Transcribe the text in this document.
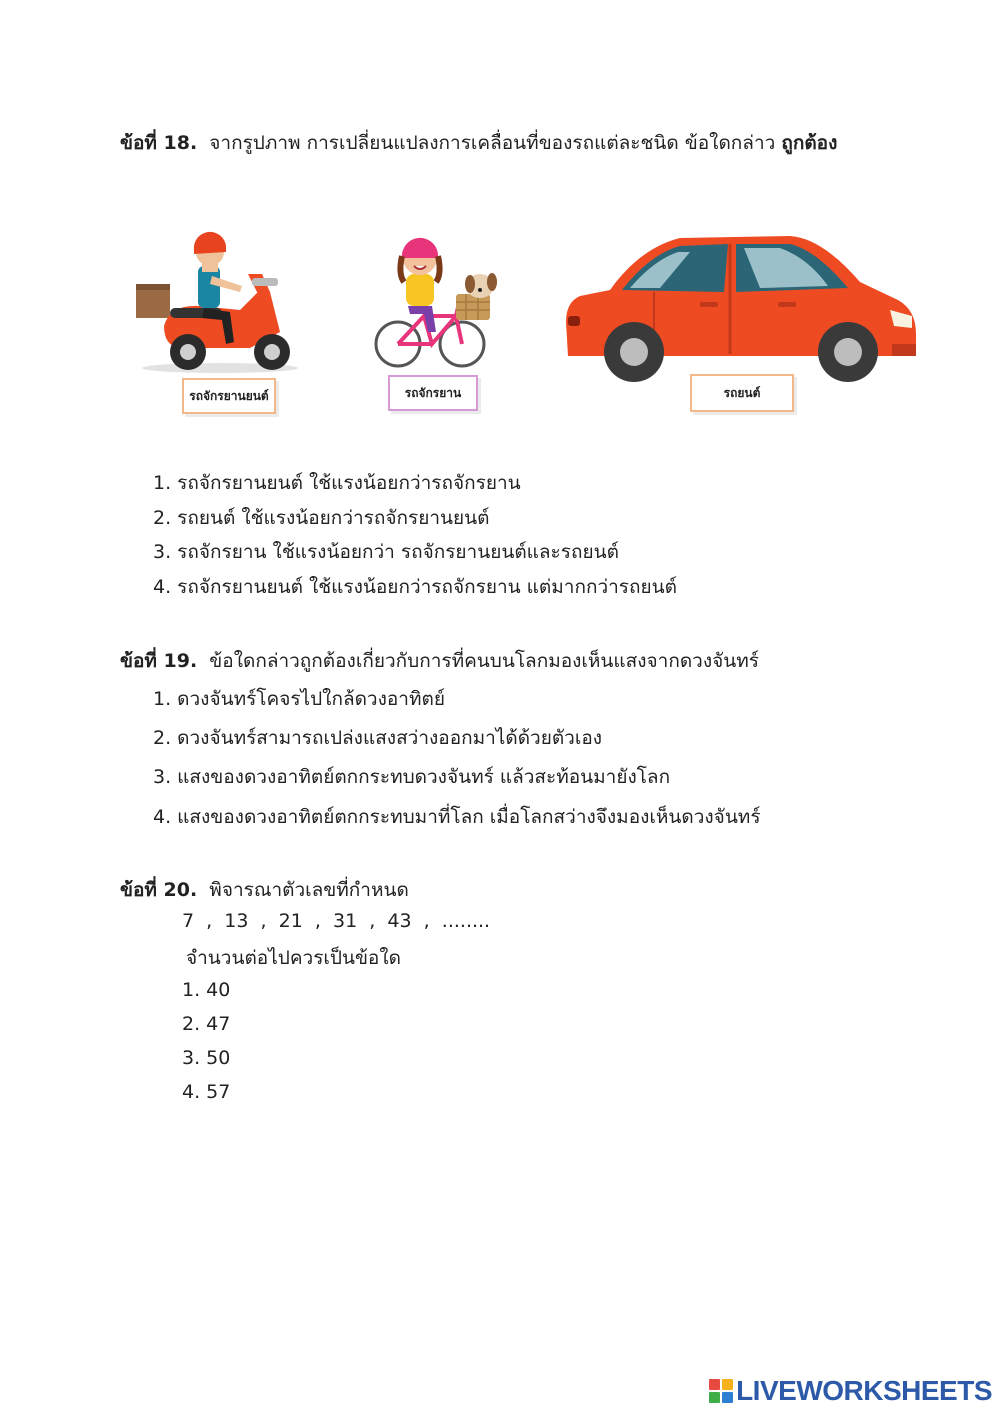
ข้อที่ 18. จากรูปภาพ การเปลี่ยนแปลงการเคลื่อนที่ของรถแต่ละชนิด ข้อใดกล่าว ถูกต้อง
รถจักรยานยนต์	รถจักรยาน	รถยนต์
1. รถจักรยานยนต์ ใช้แรงน้อยกว่ารถจักรยาน
2. รถยนต์ ใช้แรงน้อยกว่ารถจักรยานยนต์
3. รถจักรยาน ใช้แรงน้อยกว่า รถจักรยานยนต์และรถยนต์
4. รถจักรยานยนต์ ใช้แรงน้อยกว่ารถจักรยาน แต่มากกว่ารถยนต์
ข้อที่ 19. ข้อใดกล่าวถูกต้องเกี่ยวกับการที่คนบนโลกมองเห็นแสงจากดวงจันทร์
1. ดวงจันทร์โคจรไปใกล้ดวงอาทิตย์
2. ดวงจันทร์สามารถเปล่งแสงสว่างออกมาได้ด้วยตัวเอง
3. แสงของดวงอาทิตย์ตกกระทบดวงจันทร์ แล้วสะท้อนมายังโลก
4. แสงของดวงอาทิตย์ตกกระทบมาที่โลก เมื่อโลกสว่างจึงมองเห็นดวงจันทร์
ข้อที่ 20. พิจารณาตัวเลขที่กำหนด
7  ,  13  ,  21  ,  31  ,  43  ,  ........
จำนวนต่อไปควรเป็นข้อใด
1. 40
2. 47
3. 50
4. 57
LIVEWORKSHEETS
